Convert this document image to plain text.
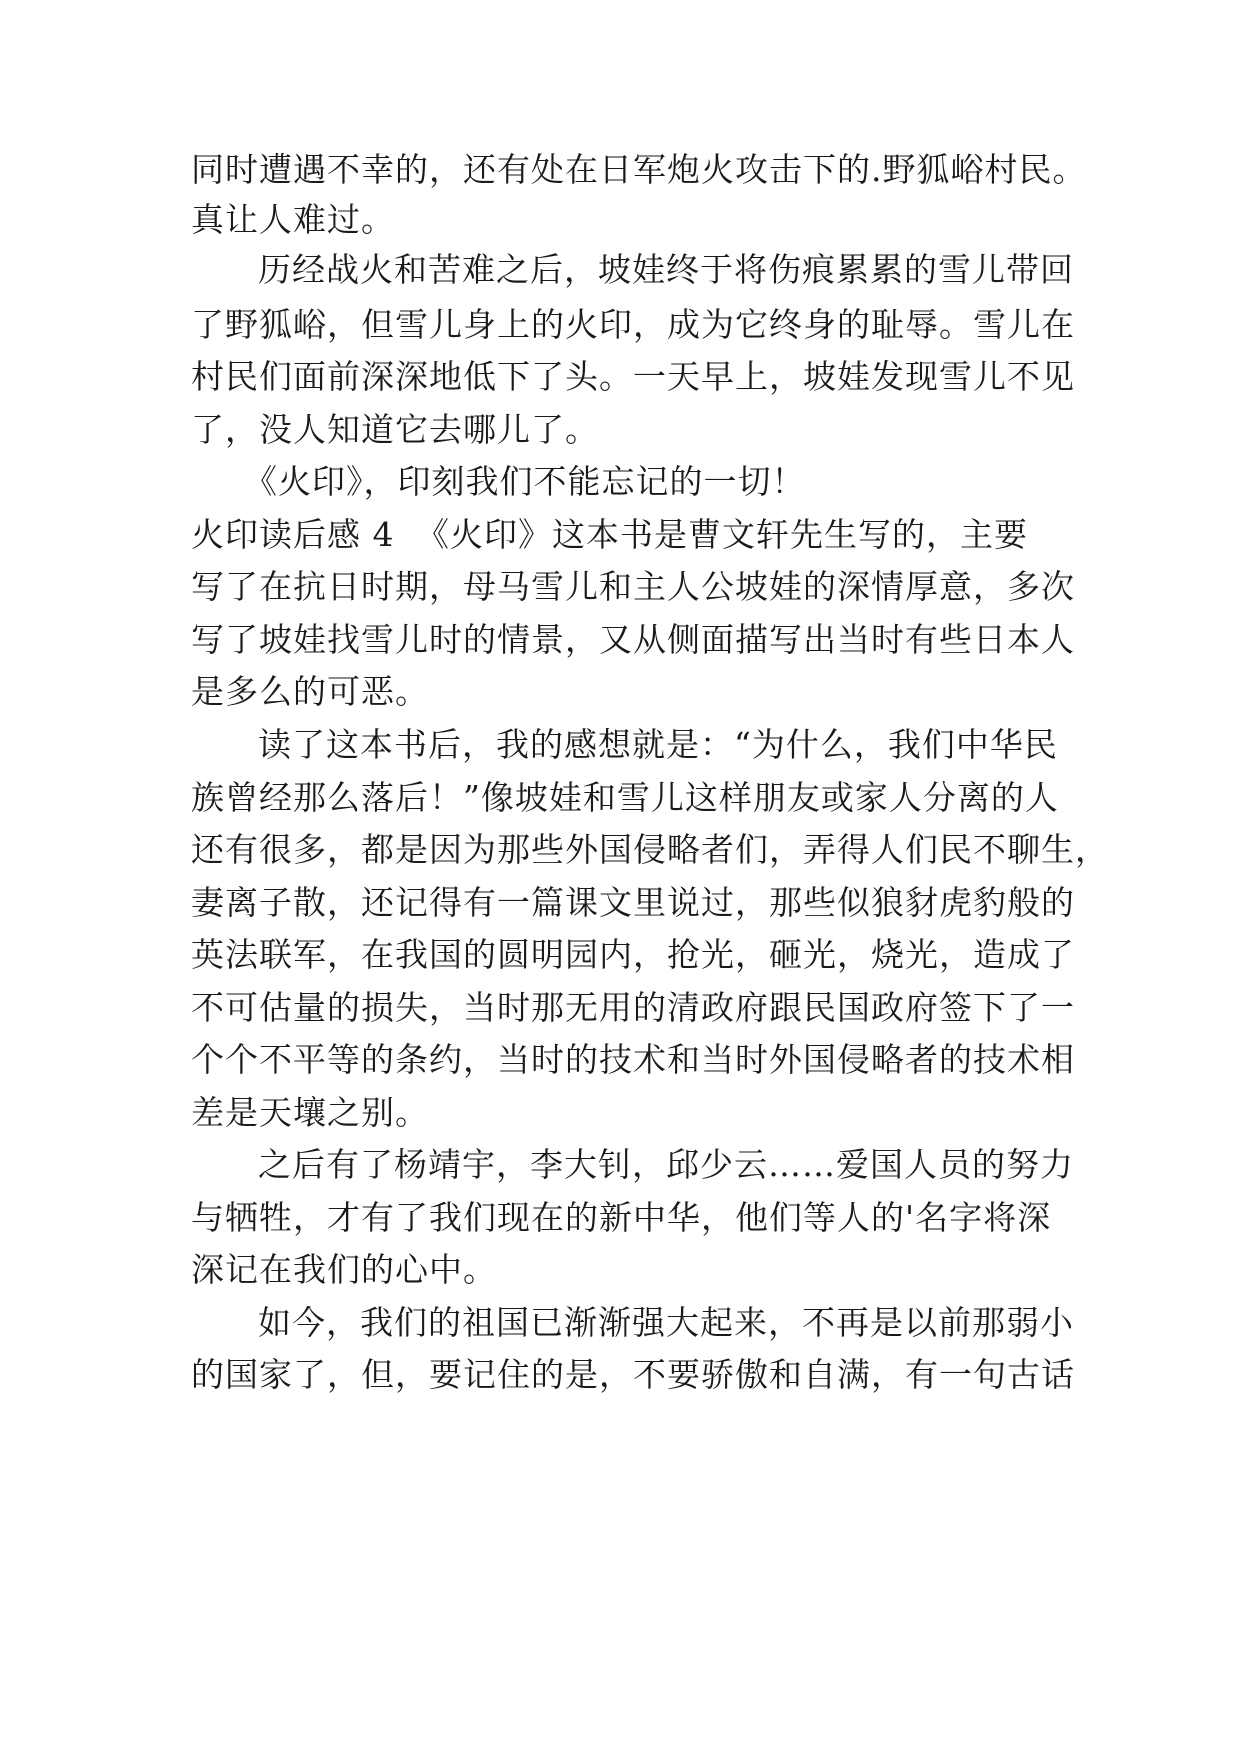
同时遭遇不幸的，还有处在日军炮火攻击下的.野狐峪村民。
真让人难过。
历经战火和苦难之后，坡娃终于将伤痕累累的雪儿带回
了野狐峪，但雪儿身上的火印，成为它终身的耻辱。雪儿在
村民们面前深深地低下了头。一天早上，坡娃发现雪儿不见
了，没人知道它去哪儿了。
《火印》，印刻我们不能忘记的一切！
火印读后感 4 《火印》这本书是曹文轩先生写的，主要
写了在抗日时期，母马雪儿和主人公坡娃的深情厚意，多次
写了坡娃找雪儿时的情景，又从侧面描写出当时有些日本人
是多么的可恶。
读了这本书后，我的感想就是：“为什么，我们中华民
族曾经那么落后！”像坡娃和雪儿这样朋友或家人分离的人
还有很多，都是因为那些外国侵略者们，弄得人们民不聊生，
妻离子散，还记得有一篇课文里说过，那些似狼豺虎豹般的
英法联军，在我国的圆明园内，抢光，砸光，烧光，造成了
不可估量的损失，当时那无用的清政府跟民国政府签下了一
个个不平等的条约，当时的技术和当时外国侵略者的技术相
差是天壤之别。
之后有了杨靖宇，李大钊，邱少云……爱国人员的努力
与牺牲，才有了我们现在的新中华，他们等人的'名字将深
深记在我们的心中。
如今，我们的祖国已渐渐强大起来，不再是以前那弱小
的国家了，但，要记住的是，不要骄傲和自满，有一句古话
